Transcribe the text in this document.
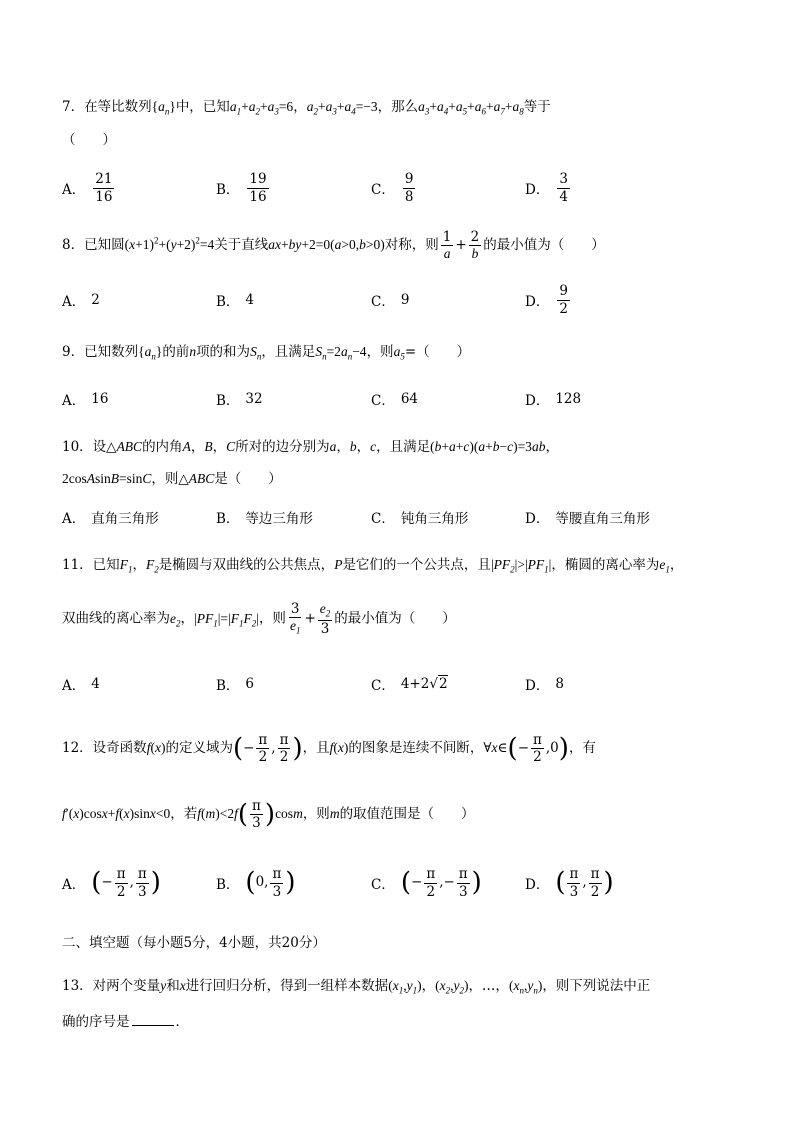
7．在等比数列$\{a_n\}$中，已知$a_1+a_2+a_3=6$，$a_2+a_3+a_4=-3$，那么$a_3+a_4+a_5+a_6+a_7+a_8$等于
（　　）
A． $\frac{21}{16}$	B． $\frac{19}{16}$	C． $\frac{9}{8}$	D． $\frac{3}{4}$
8．已知圆$(x+1)^2+(y+2)^2=4$关于直线ax+by+2=0(a>0,b>0)对称，则 $\frac{1}{a} + \frac{2}{b}$ 的最小值为（　　）
A． 2	B． 4	C． 9	D． $\frac{9}{2}$
9．已知数列$\{a_n\}$的前n项的和为$S_n$，且满足$S_n=2a_n-4$，则$a_5=$（　　）
A． 16	B． 32	C． 64	D． 128
10．设△ABC的内角A，B，C所对的边分别为a，b，c，且满足(b+a+c)(a+b−c)=3ab，
2cosAsinB=sinC，则△ABC是（　　）
A． 直角三角形	B． 等边三角形	C． 钝角三角形	D． 等腰直角三角形
11．已知$F_1$，$F_2$是椭圆与双曲线的公共焦点，P是它们的一个公共点，且$|PF_2|>|PF_1|$，椭圆的离心率为$e_1$，
双曲线的离心率为$e_2$，$|PF_1|=|F_1F_2|$，则 $\frac{3}{e_1} + \frac{e_2}{3}$ 的最小值为（　　）
A． 4	B． 6	C． 4+2√2	D． 8
12．设奇函数f(x)的定义域为(− $\frac{\pi}{2}$ , $\frac{\pi}{2}$ )，且f(x)的图象是连续不间断，∀x∈(− $\frac{\pi}{2} ,0$)，有
f′(x)cosx+f(x)sinx<0，若$f(m)<2f( \frac{\pi}{3} )\cos m$，则m的取值范围是（　　）
A． (− $\frac{\pi}{2}$ , $\frac{\pi}{3}$ )	B． (0, $\frac{\pi}{3}$ )	C． (− $\frac{\pi}{2}$ ,− $\frac{\pi}{3}$ )	D． ( $\frac{\pi}{3}$ , $\frac{\pi}{2}$ )
二、填空题（每小题5分，4小题，共20分）
13．对两个变量y和x进行回归分析，得到一组样本数据$(x_1,y_1)$，$(x_2,y_2)$，…，$(x_n,y_n)$，则下列说法中正
确的序号是	．
